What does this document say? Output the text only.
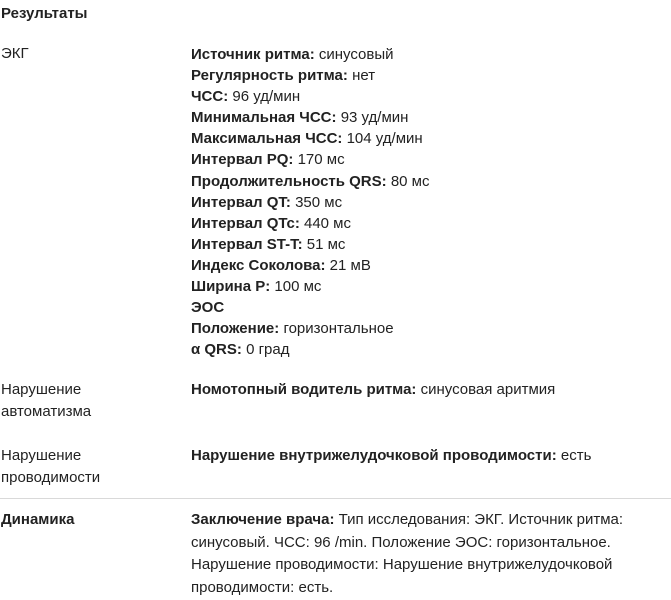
Результаты
ЭКГ	Источник ритма: синусовый
Регулярность ритма: нет
ЧСС: 96 уд/мин
Минимальная ЧСС: 93 уд/мин
Максимальная ЧСС: 104 уд/мин
Интервал PQ: 170 мс
Продолжительность QRS: 80 мс
Интервал QT: 350 мс
Интервал QTc: 440 мс
Интервал ST-T: 51 мс
Индекс Соколова: 21 мВ
Ширина P: 100 мс
ЭОС
Положение: горизонтальное
α QRS: 0 град
Нарушение
автоматизма
Номотопный водитель ритма: синусовая аритмия
Нарушение
проводимости
Нарушение внутрижелудочковой проводимости: есть
Динамика	Заключение врача: Тип исследования: ЭКГ. Источник ритма: синусовый. ЧСС: 96 /min. Положение ЭОС: горизонтальное. Нарушение проводимости: Нарушение внутрижелудочковой проводимости: есть.
